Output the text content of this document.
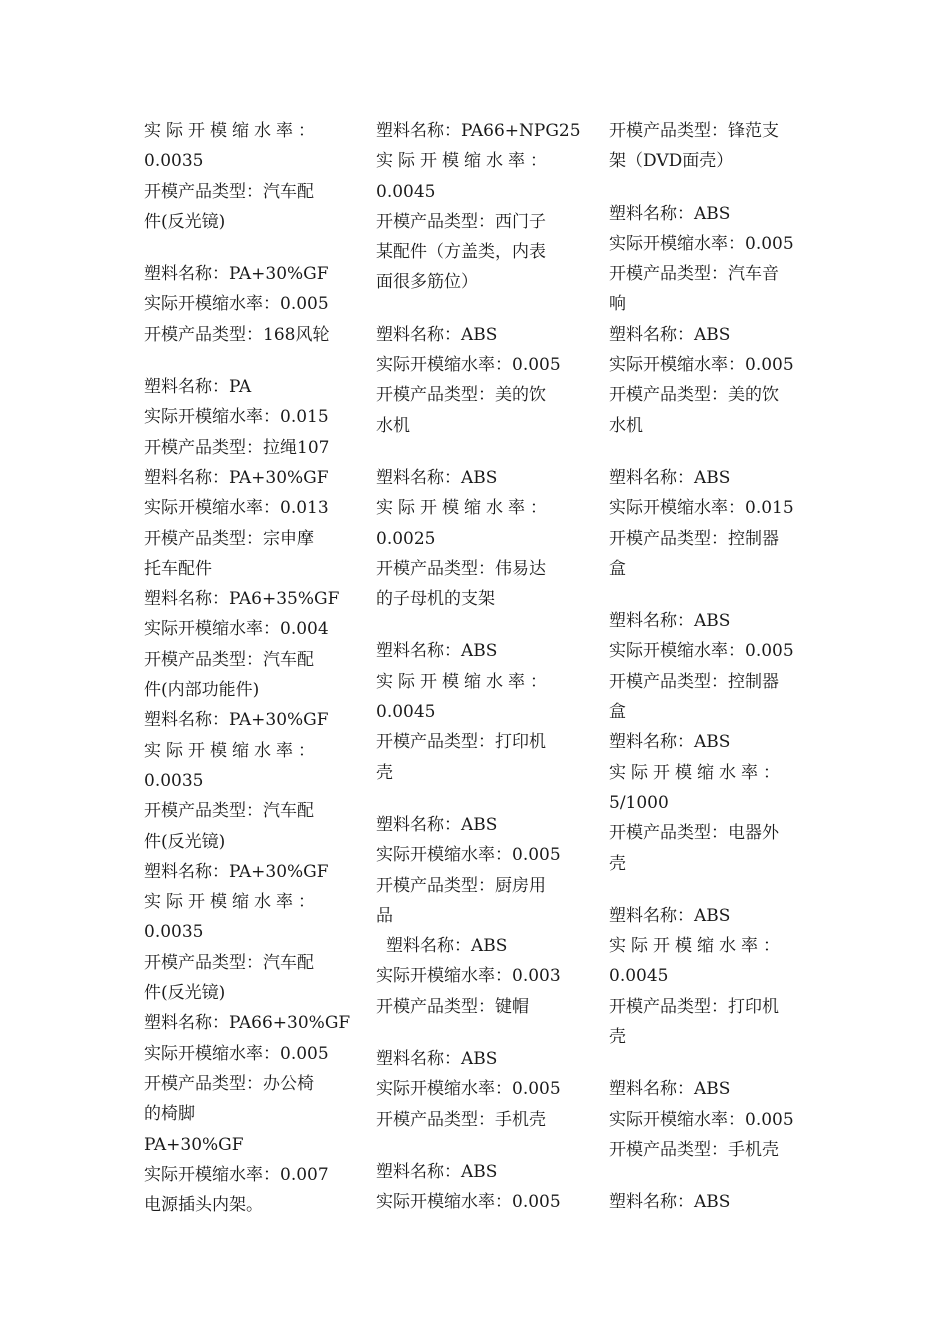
实际开模缩水率：
0.0035
开模产品类型：汽车配
件(反光镜)
塑料名称：PA+30%GF
实际开模缩水率：0.005
开模产品类型：168风轮
塑料名称：PA
实际开模缩水率：0.015
开模产品类型：拉绳107
塑料名称：PA+30%GF
实际开模缩水率：0.013
开模产品类型：宗申摩
托车配件
塑料名称：PA6+35%GF
实际开模缩水率：0.004
开模产品类型：汽车配
件(内部功能件)
塑料名称：PA+30%GF
实际开模缩水率：
0.0035
开模产品类型：汽车配
件(反光镜)
塑料名称：PA+30%GF
实际开模缩水率：
0.0035
开模产品类型：汽车配
件(反光镜)
塑料名称：PA66+30%GF
实际开模缩水率：0.005
开模产品类型：办公椅
的椅脚
PA+30%GF
实际开模缩水率：0.007
电源插头内架。
塑料名称：PA66+NPG25
实际开模缩水率：
0.0045
开模产品类型：西门子
某配件（方盖类，内表
面很多筋位）
塑料名称：ABS
实际开模缩水率：0.005
开模产品类型：美的饮
水机
塑料名称：ABS
实际开模缩水率：
0.0025
开模产品类型：伟易达
的子母机的支架
塑料名称：ABS
实际开模缩水率：
0.0045
开模产品类型：打印机
壳
塑料名称：ABS
实际开模缩水率：0.005
开模产品类型：厨房用
品
塑料名称：ABS
实际开模缩水率：0.003
开模产品类型：键帽
塑料名称：ABS
实际开模缩水率：0.005
开模产品类型：手机壳
塑料名称：ABS
实际开模缩水率：0.005
开模产品类型：锋范支
架（DVD面壳）
塑料名称：ABS
实际开模缩水率：0.005
开模产品类型：汽车音
响
塑料名称：ABS
实际开模缩水率：0.005
开模产品类型：美的饮
水机
塑料名称：ABS
实际开模缩水率：0.015
开模产品类型：控制器
盒
塑料名称：ABS
实际开模缩水率：0.005
开模产品类型：控制器
盒
塑料名称：ABS
实际开模缩水率：
5/1000
开模产品类型：电器外
壳
塑料名称：ABS
实际开模缩水率：
0.0045
开模产品类型：打印机
壳
塑料名称：ABS
实际开模缩水率：0.005
开模产品类型：手机壳
塑料名称：ABS
